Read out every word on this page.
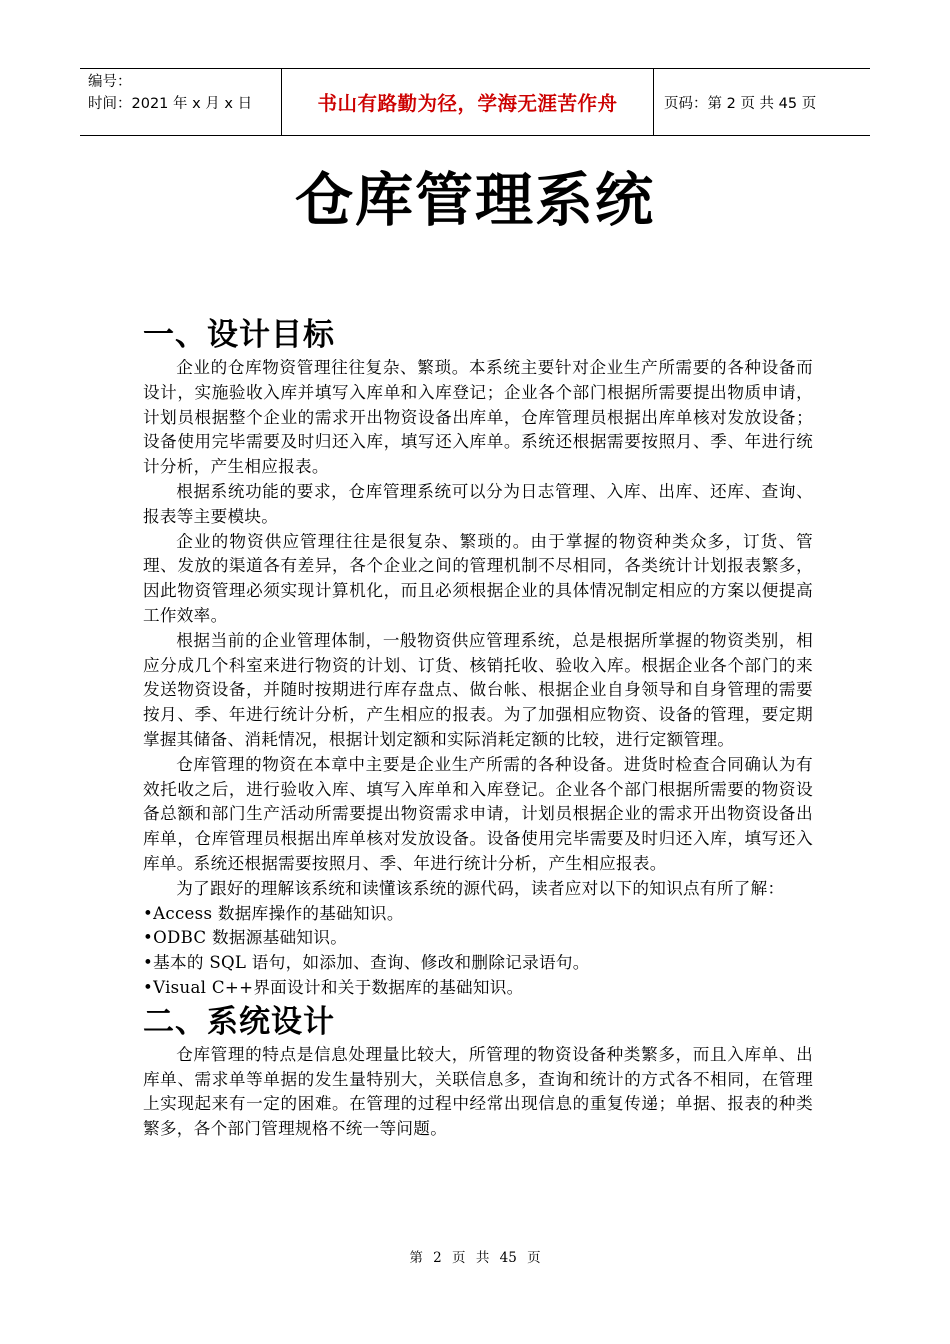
编号：
时间：2021 年 x 月 x 日	书山有路勤为径，学海无涯苦作舟	页码：第 2 页 共 45 页
仓库管理系统
一、设计目标

企业的仓库物资管理往往复杂、繁琐。本系统主要针对企业生产所需要的各种设备而设计，实施验收入库并填写入库单和入库登记；企业各个部门根据所需要提出物质申请，计划员根据整个企业的需求开出物资设备出库单，仓库管理员根据出库单核对发放设备；设备使用完毕需要及时归还入库，填写还入库单。系统还根据需要按照月、季、年进行统计分析，产生相应报表。

根据系统功能的要求，仓库管理系统可以分为日志管理、入库、出库、还库、查询、报表等主要模块。

企业的物资供应管理往往是很复杂、繁琐的。由于掌握的物资种类众多，订货、管理、发放的渠道各有差异，各个企业之间的管理机制不尽相同，各类统计计划报表繁多，因此物资管理必须实现计算机化，而且必须根据企业的具体情况制定相应的方案以便提高工作效率。

根据当前的企业管理体制，一般物资供应管理系统，总是根据所掌握的物资类别，相应分成几个科室来进行物资的计划、订货、核销托收、验收入库。根据企业各个部门的来发送物资设备，并随时按期进行库存盘点、做台帐、根据企业自身领导和自身管理的需要按月、季、年进行统计分析，产生相应的报表。为了加强相应物资、设备的管理，要定期掌握其储备、消耗情况，根据计划定额和实际消耗定额的比较，进行定额管理。

仓库管理的物资在本章中主要是企业生产所需的各种设备。进货时检查合同确认为有效托收之后，进行验收入库、填写入库单和入库登记。企业各个部门根据所需要的物资设备总额和部门生产活动所需要提出物资需求申请，计划员根据企业的需求开出物资设备出库单，仓库管理员根据出库单核对发放设备。设备使用完毕需要及时归还入库，填写还入库单。系统还根据需要按照月、季、年进行统计分析，产生相应报表。

为了跟好的理解该系统和读懂该系统的源代码，读者应对以下的知识点有所了解：

•Access 数据库操作的基础知识。

•ODBC 数据源基础知识。

•基本的 SQL 语句，如添加、查询、修改和删除记录语句。

•Visual C++界面设计和关于数据库的基础知识。

二、系统设计

仓库管理的特点是信息处理量比较大，所管理的物资设备种类繁多，而且入库单、出库单、需求单等单据的发生量特别大，关联信息多，查询和统计的方式各不相同，在管理上实现起来有一定的困难。在管理的过程中经常出现信息的重复传递；单据、报表的种类繁多，各个部门管理规格不统一等问题。

第 2 页 共 45 页
